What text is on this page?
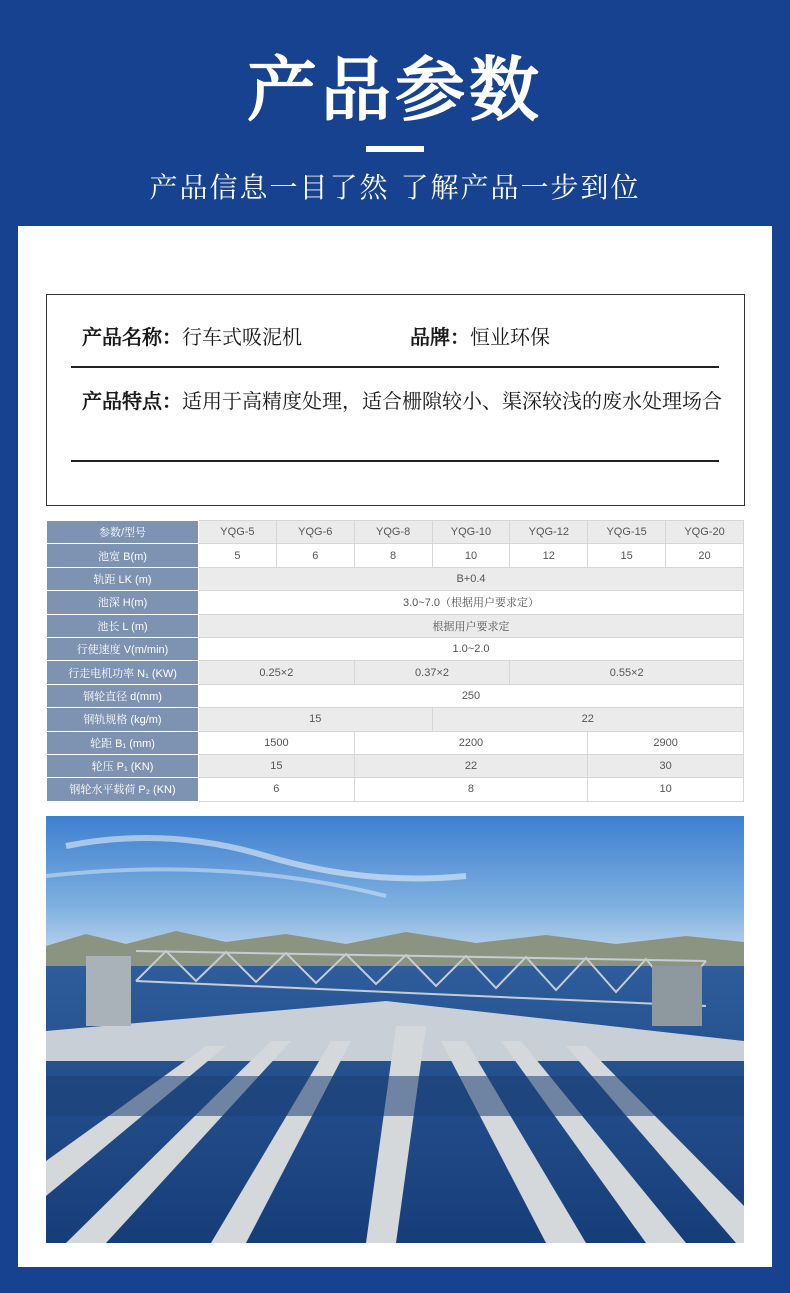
产品参数
产品信息一目了然 了解产品一步到位
产品名称：行车式吸泥机	品牌：恒业环保
产品特点：适用于高精度处理，适合栅隙较小、渠深较浅的废水处理场合
参数/型号	YQG-5	YQG-6	YQG-8	YQG-10	YQG-12	YQG-15	YQG-20
池宽 B(m)	5	6	8	10	12	15	20
轨距 LK (m)	B+0.4						
池深 H(m)	3.0~7.0（根据用户要求定）						
池长 L (m)	根据用户要求定						
行使速度 V(m/min)	1.0~2.0						
行走电机功率 N₁ (KW)	0.25×2		0.37×2		0.55×2		
钢轮直径 d(mm)	250						
钢轨规格 (kg/m)	15			22			
轮距 B₁ (mm)	1500		2200			2900	
轮压 P₁ (KN)	15		22			30	
钢轮水平载荷 P₂ (KN)	6		8			10	
